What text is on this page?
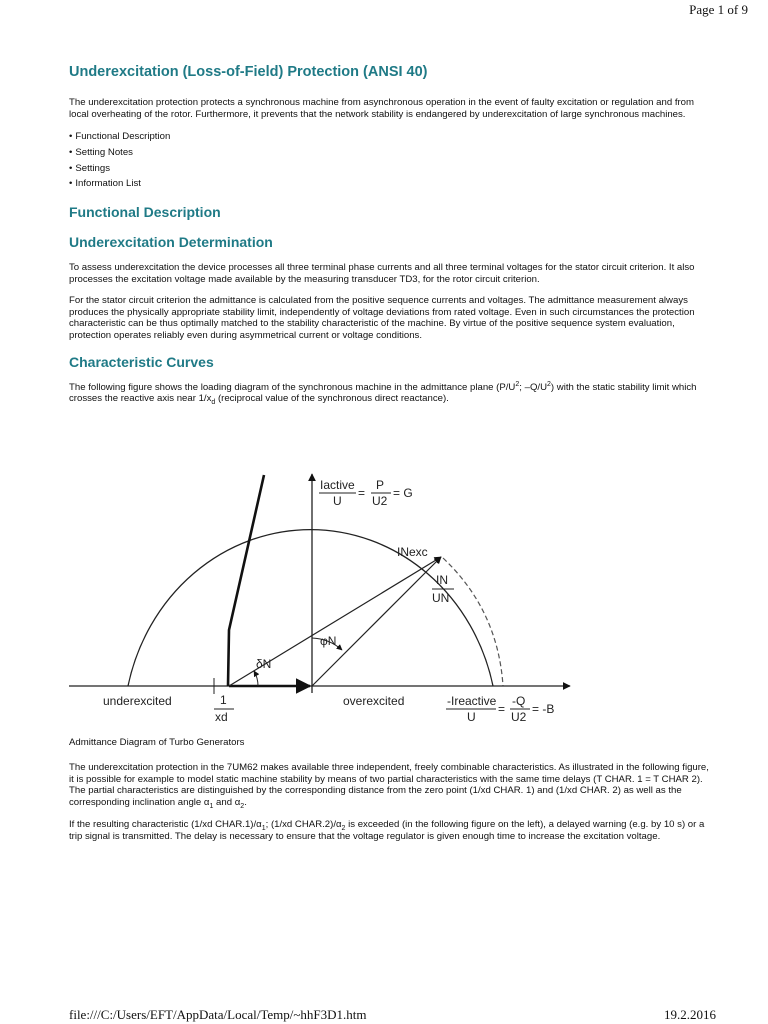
Page 1 of 9
Underexcitation (Loss-of-Field) Protection (ANSI 40)

The underexcitation protection protects a synchronous machine from asynchronous operation in the event of faulty excitation or regulation and from local overheating of the rotor. Furthermore, it prevents that the network stability is endangered by underexcitation of large synchronous machines.

• Functional Description
• Setting Notes
• Settings
• Information List
Functional Description
Underexcitation Determination

To assess underexcitation the device processes all three terminal phase currents and all three terminal voltages for the stator circuit criterion. It also processes the excitation voltage made available by the measuring transducer TD3, for the rotor circuit criterion.

For the stator circuit criterion the admittance is calculated from the positive sequence currents and voltages. The admittance measurement always produces the physically appropriate stability limit, independently of voltage deviations from rated voltage. Even in such circumstances the protection characteristic can be thus optimally matched to the stability characteristic of the machine. By virtue of the positive sequence system evaluation, protection operates reliably even during asymmetrical current or voltage conditions.

Characteristic Curves

The following figure shows the loading diagram of the synchronous machine in the admittance plane ($P/U^2$; $-Q/U^2$) with the static stability limit which crosses the reactive axis near $1/x_d$ (reciprocal value of the synchronous direct reactance).

underexcited	overexcited
1
xd
δN
φN
INexc
IN
UN
Iactive
U
=
P
U2
= G
-Ireactive
U
=
-Q
U2
= -B
Admittance Diagram of Turbo Generators

The underexcitation protection in the 7UM62 makes available three independent, freely combinable characteristics. As illustrated in the following figure, it is possible for example to model static machine stability by means of two partial characteristics with the same time delays (T CHAR. 1 = T CHAR 2). The partial characteristics are distinguished by the corresponding distance from the zero point (1/xd CHAR. 1) and (1/xd CHAR. 2) as well as the corresponding inclination angle $\alpha_1$ and $\alpha_2$.

If the resulting characteristic (1/xd $CHAR.1)/\alpha_1$; (1/xd $CHAR.2)/\alpha_2$ is exceeded (in the following figure on the left), a delayed warning (e.g. by 10 s) or a trip signal is transmitted. The delay is necessary to ensure that the voltage regulator is given enough time to increase the excitation voltage.

file:///C:/Users/EFT/AppData/Local/Temp/~hhF3D1.htm	19.2.2016
